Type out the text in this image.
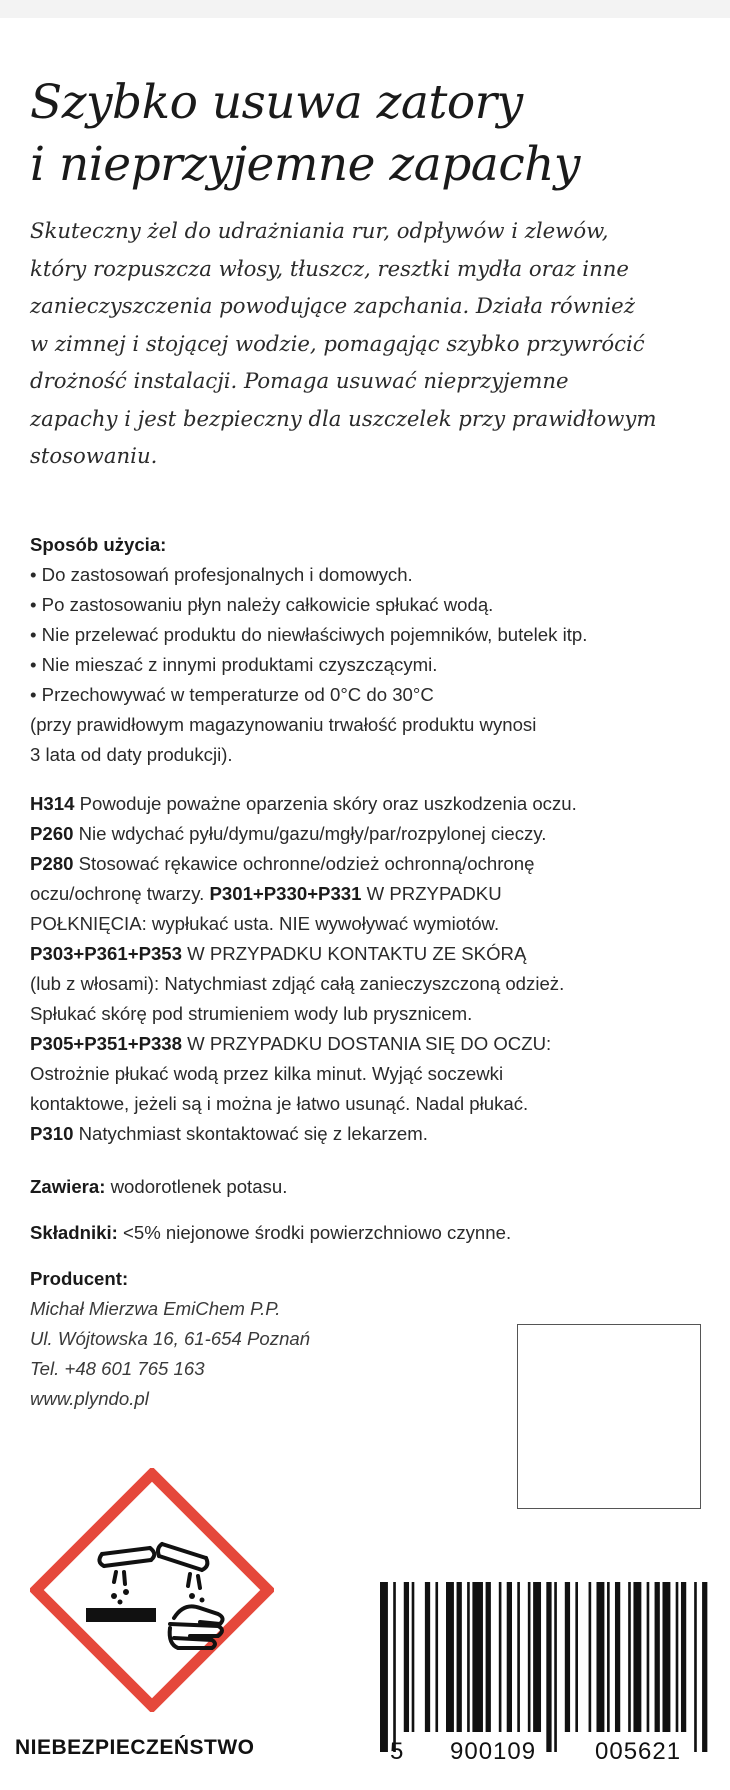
Szybko usuwa zatory
i nieprzyjemne zapachy
Skuteczny żel do udrażniania rur, odpływów i zlewów,
który rozpuszcza włosy, tłuszcz, resztki mydła oraz inne
zanieczyszczenia powodujące zapchania. Działa również
w zimnej i stojącej wodzie, pomagając szybko przywrócić
drożność instalacji. Pomaga usuwać nieprzyjemne
zapachy i jest bezpieczny dla uszczelek przy prawidłowym
stosowaniu.
Sposób użycia:
• Do zastosowań profesjonalnych i domowych.
• Po zastosowaniu płyn należy całkowicie spłukać wodą.
• Nie przelewać produktu do niewłaściwych pojemników, butelek itp.
• Nie mieszać z innymi produktami czyszczącymi.
• Przechowywać w temperaturze od 0°C do 30°C
(przy prawidłowym magazynowaniu trwałość produktu wynosi
3 lata od daty produkcji).
H314 Powoduje poważne oparzenia skóry oraz uszkodzenia oczu.
P260 Nie wdychać pyłu/dymu/gazu/mgły/par/rozpylonej cieczy.
P280 Stosować rękawice ochronne/odzież ochronną/ochronę
oczu/ochronę twarzy. P301+P330+P331 W PRZYPADKU
POŁKNIĘCIA: wypłukać usta. NIE wywoływać wymiotów.
P303+P361+P353 W PRZYPADKU KONTAKTU ZE SKÓRĄ
(lub z włosami): Natychmiast zdjąć całą zanieczyszczoną odzież.
Spłukać skórę pod strumieniem wody lub prysznicem.
P305+P351+P338 W PRZYPADKU DOSTANIA SIĘ DO OCZU:
Ostrożnie płukać wodą przez kilka minut. Wyjąć soczewki
kontaktowe, jeżeli są i można je łatwo usunąć. Nadal płukać.
P310 Natychmiast skontaktować się z lekarzem.
Zawiera: wodorotlenek potasu.
Składniki: <5% niejonowe środki powierzchniowo czynne.
Producent:
Michał Mierzwa EmiChem P.P.
Ul. Wójtowska 16, 61-654 Poznań
Tel. +48 601 765 163
www.plyndo.pl
NIEBEZPIECZEŃSTWO	5 900109 005621
